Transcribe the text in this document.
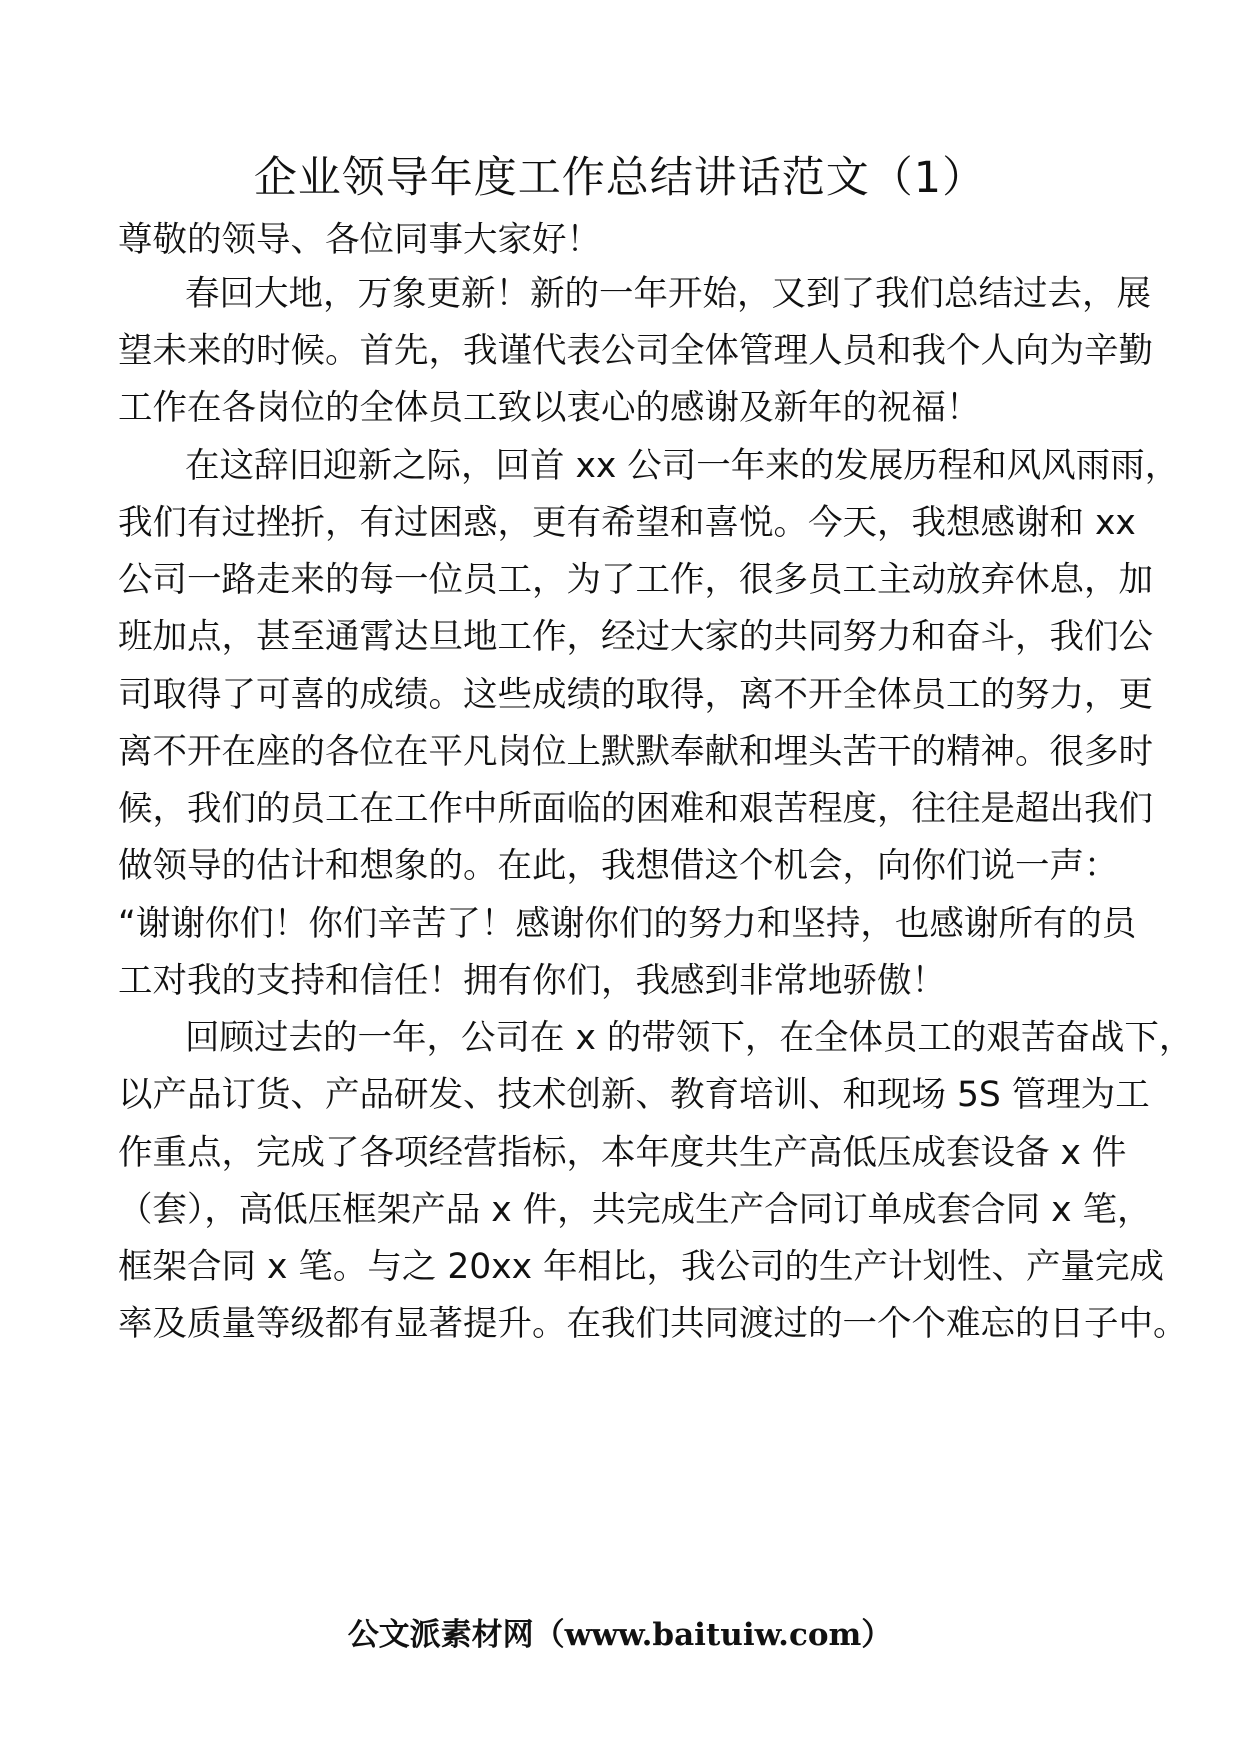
企业领导年度工作总结讲话范文（1）
尊敬的领导、各位同事大家好！
春回大地，万象更新！新的一年开始，又到了我们总结过去，展
望未来的时候。首先，我谨代表公司全体管理人员和我个人向为辛勤
工作在各岗位的全体员工致以衷心的感谢及新年的祝福！
在这辞旧迎新之际，回首 xx 公司一年来的发展历程和风风雨雨，
我们有过挫折，有过困惑，更有希望和喜悦。今天，我想感谢和 xx
公司一路走来的每一位员工，为了工作，很多员工主动放弃休息，加
班加点，甚至通霄达旦地工作，经过大家的共同努力和奋斗，我们公
司取得了可喜的成绩。这些成绩的取得，离不开全体员工的努力，更
离不开在座的各位在平凡岗位上默默奉献和埋头苦干的精神。很多时
候，我们的员工在工作中所面临的困难和艰苦程度，往往是超出我们
做领导的估计和想象的。在此，我想借这个机会，向你们说一声：
“谢谢你们！你们辛苦了！感谢你们的努力和坚持，也感谢所有的员
工对我的支持和信任！拥有你们，我感到非常地骄傲！
回顾过去的一年，公司在 x 的带领下，在全体员工的艰苦奋战下，
以产品订货、产品研发、技术创新、教育培训、和现场 5S 管理为工
作重点，完成了各项经营指标，本年度共生产高低压成套设备 x 件
（套），高低压框架产品 x 件，共完成生产合同订单成套合同 x 笔，
框架合同 x 笔。与之 20xx 年相比，我公司的生产计划性、产量完成
率及质量等级都有显著提升。在我们共同渡过的一个个难忘的日子中。
公文派素材网（www.baituiw.com）
